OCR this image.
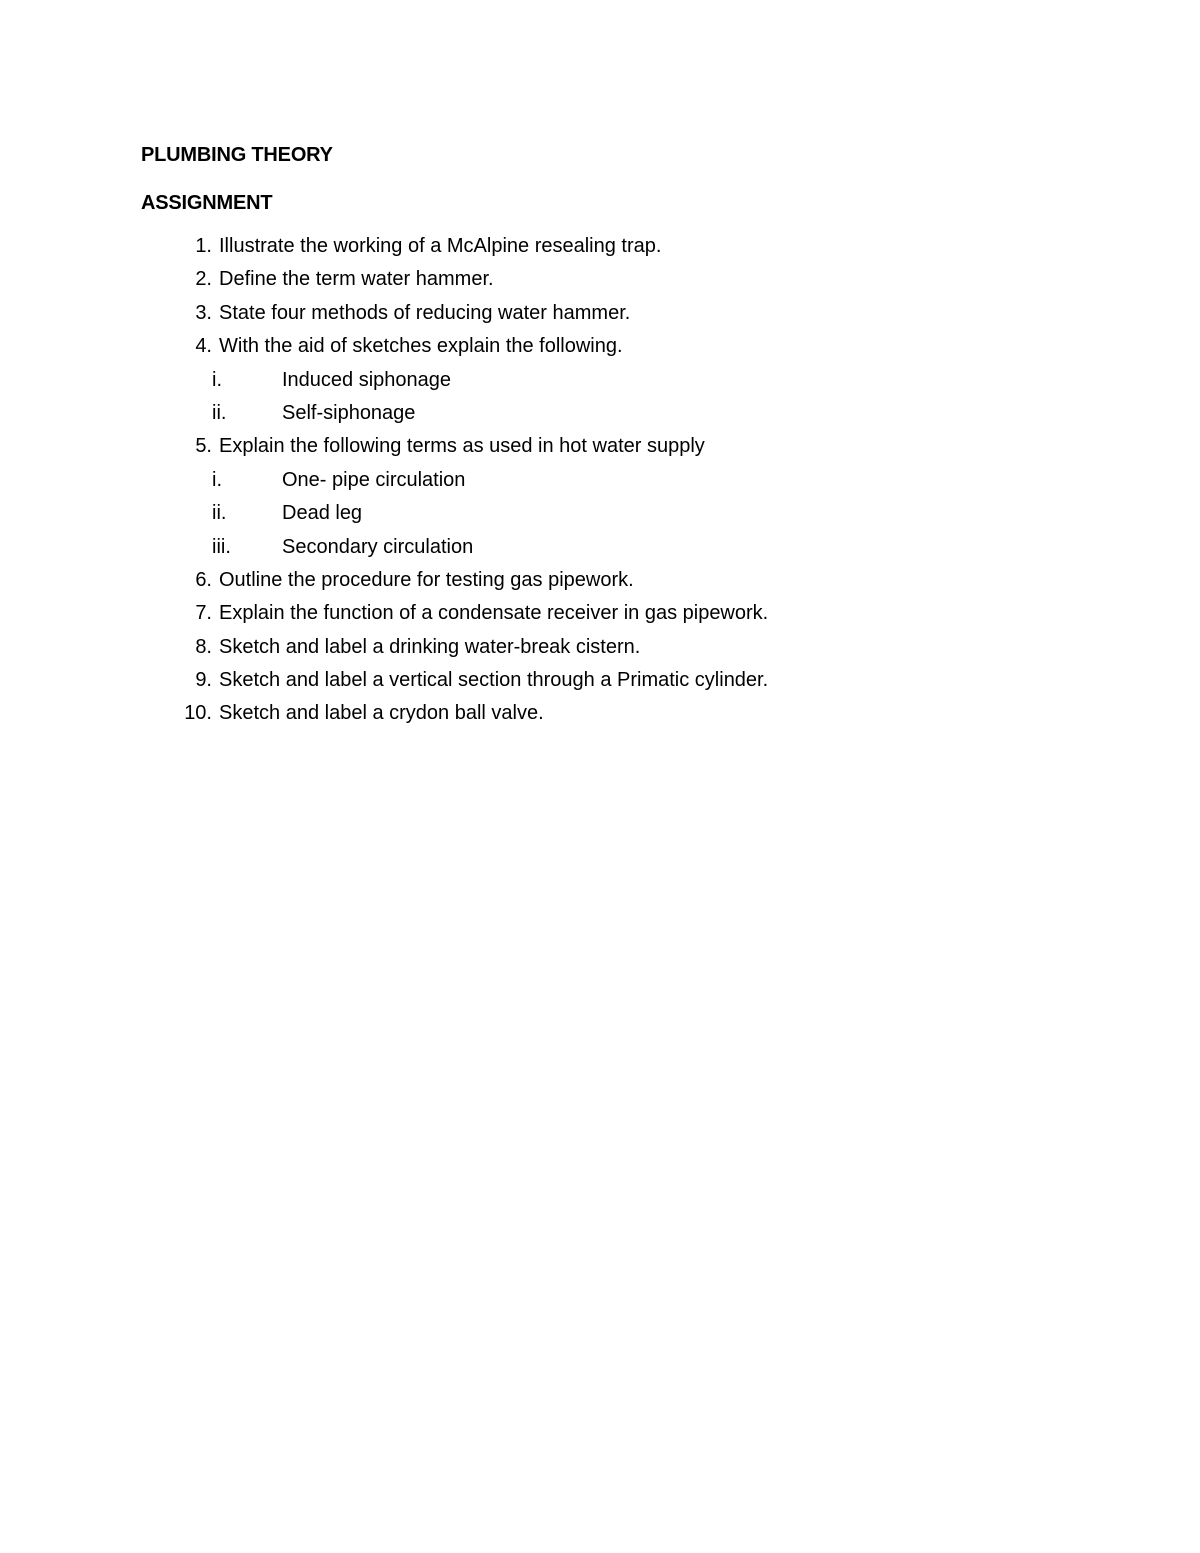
PLUMBING THEORY
ASSIGNMENT
1. Illustrate the working of a McAlpine resealing trap.
2. Define the term water hammer.
3. State four methods of reducing water hammer.
4. With the aid of sketches explain the following.
i.	Induced siphonage
ii.	Self-siphonage
5. Explain the following terms as used in hot water supply
i.	One- pipe circulation
ii.	Dead leg
iii.	Secondary circulation
6. Outline the procedure for testing gas pipework.
7. Explain the function of a condensate receiver in gas pipework.
8. Sketch and label a drinking water-break cistern.
9. Sketch and label a vertical section through a Primatic cylinder.
10. Sketch and label a crydon ball valve.
